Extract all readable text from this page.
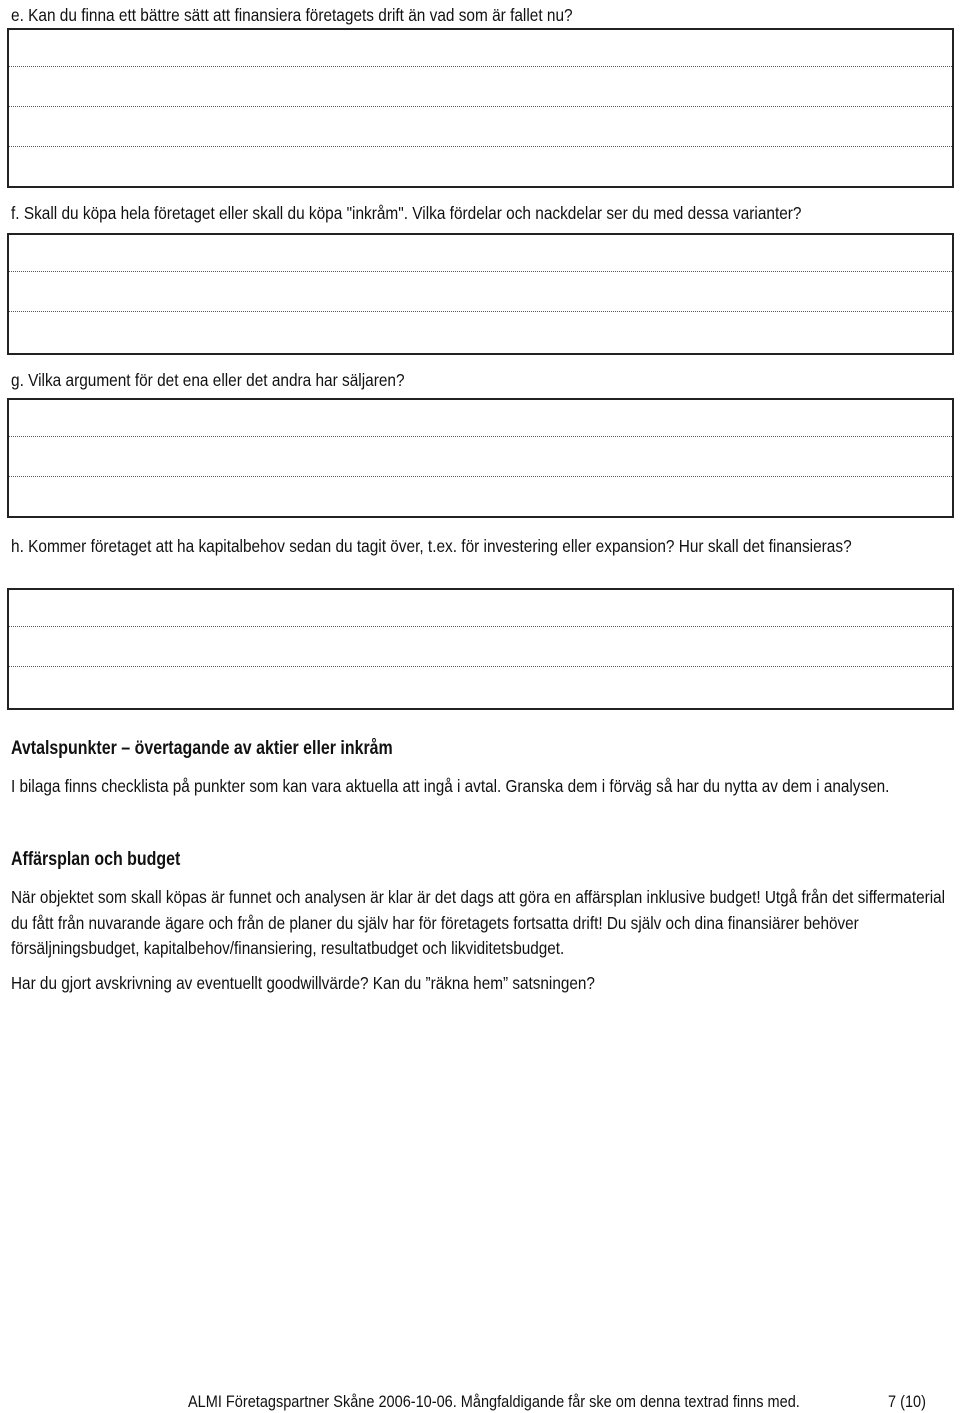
e. Kan du finna ett bättre sätt att finansiera företagets drift än vad som är fallet nu?

f. Skall du köpa hela företaget eller skall du köpa "inkråm". Vilka fördelar och nackdelar ser du med dessa varianter?

g. Vilka argument för det ena eller det andra har säljaren?

h. Kommer företaget att ha kapitalbehov sedan du tagit över, t.ex. för investering eller expansion? Hur skall det finansieras?

Avtalspunkter – övertagande av aktier eller inkråm

I bilaga finns checklista på punkter som kan vara aktuella att ingå i avtal. Granska dem i förväg så har du nytta av dem i analysen.

Affärsplan och budget

När objektet som skall köpas är funnet och analysen är klar är det dags att göra en affärsplan inklusive budget! Utgå från det siffermaterial du fått från nuvarande ägare och från de planer du själv har för företagets fortsatta drift! Du själv och dina finansiärer behöver försäljningsbudget, kapitalbehov/finansiering, resultatbudget och likviditetsbudget.

Har du gjort avskrivning av eventuellt goodwillvärde? Kan du ”räkna hem” satsningen?

ALMI Företagspartner Skåne 2006-10-06. Mångfaldigande får ske om denna textrad finns med.	7 (10)
